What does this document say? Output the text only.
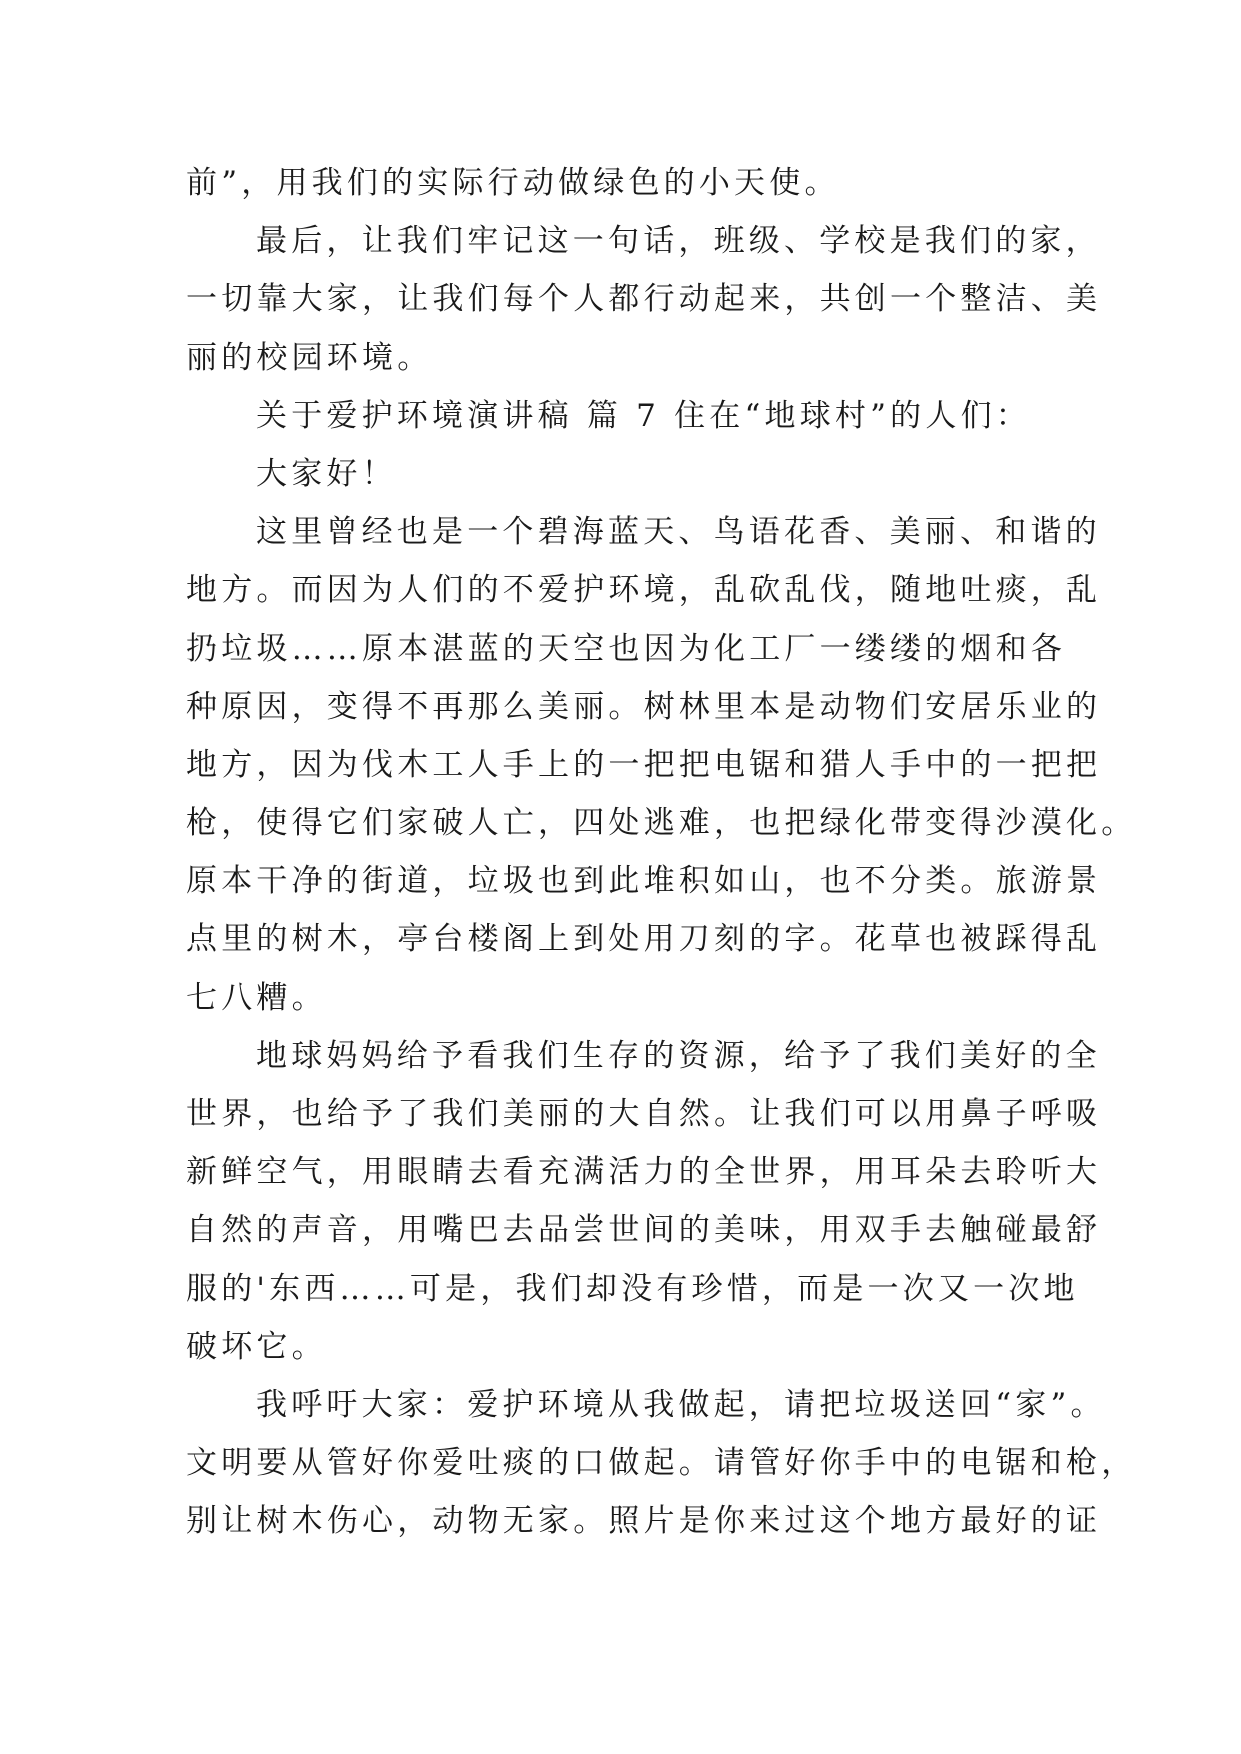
前”，用我们的实际行动做绿色的小天使。
最后，让我们牢记这一句话，班级、学校是我们的家，
一切靠大家，让我们每个人都行动起来，共创一个整洁、美
丽的校园环境。
关于爱护环境演讲稿 篇 7 住在“地球村”的人们：
大家好！
这里曾经也是一个碧海蓝天、鸟语花香、美丽、和谐的
地方。而因为人们的不爱护环境，乱砍乱伐，随地吐痰，乱
扔垃圾……原本湛蓝的天空也因为化工厂一缕缕的烟和各
种原因，变得不再那么美丽。树林里本是动物们安居乐业的
地方，因为伐木工人手上的一把把电锯和猎人手中的一把把
枪，使得它们家破人亡，四处逃难，也把绿化带变得沙漠化。
原本干净的街道，垃圾也到此堆积如山，也不分类。旅游景
点里的树木，亭台楼阁上到处用刀刻的字。花草也被踩得乱
七八糟。
地球妈妈给予看我们生存的资源，给予了我们美好的全
世界，也给予了我们美丽的大自然。让我们可以用鼻子呼吸
新鲜空气，用眼睛去看充满活力的全世界，用耳朵去聆听大
自然的声音，用嘴巴去品尝世间的美味，用双手去触碰最舒
服的'东西……可是，我们却没有珍惜，而是一次又一次地
破坏它。
我呼吁大家：爱护环境从我做起，请把垃圾送回“家”。
文明要从管好你爱吐痰的口做起。请管好你手中的电锯和枪，
别让树木伤心，动物无家。照片是你来过这个地方最好的证
